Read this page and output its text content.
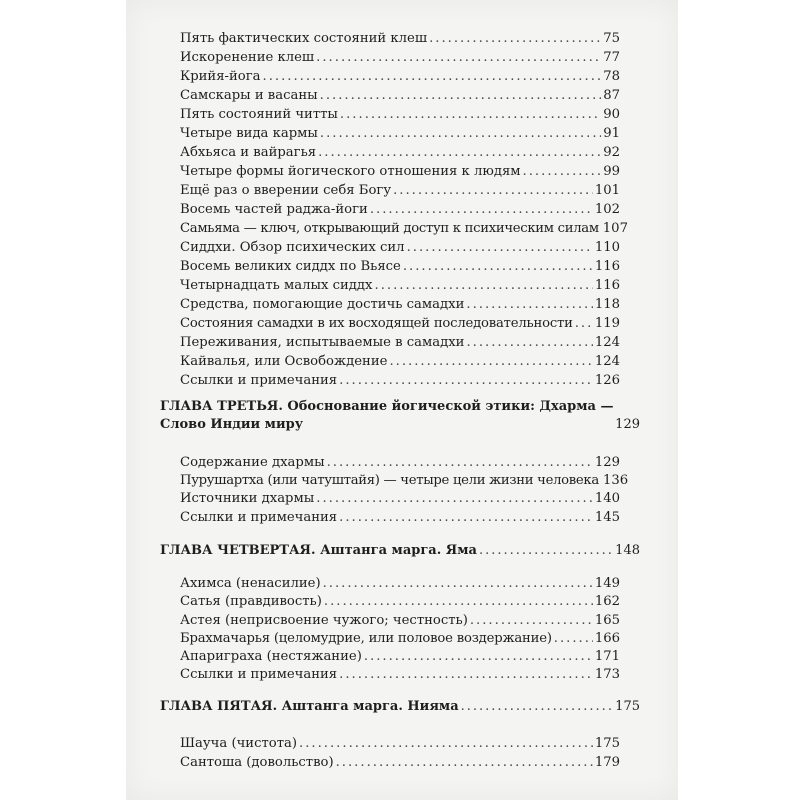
Пять фактических состояний клеш .....	75
Искоренение клеш .....	77
Крийя-йога .....	78
Самскары и васаны .....	87
Пять состояний читты .....	90
Четыре вида кармы .....	91
Абхьяса и вайрагья .....	92
Четыре формы йогического отношения к людям .....	99
Ещё раз о вверении себя Богу .....	101
Восемь частей раджа-йоги .....	102
Самьяма — ключ, открывающий доступ к психическим силам 107
Сиддхи. Обзор психических сил .....	110
Восемь великих сиддх по Вьясе .....	116
Четырнадцать малых сиддх .....	116
Средства, помогающие достичь самадхи .....	118
Состояния самадхи в их восходящей последовательности ..... 119
Переживания, испытываемые в самадхи .....	124
Кайвалья, или Освобождение .....	124
Ссылки и примечания .....	126
ГЛАВА ТРЕТЬЯ. Обоснование йогической этики: Дхарма —
Слово Индии миру	129
Содержание дхармы .....	129
Пурушартха (или чатуштайя) — четыре цели жизни человека 136
Источники дхармы .....	140
Ссылки и примечания .....	145
ГЛАВА ЧЕТВЕРТАЯ. Аштанга марга. Яма .....	148
Ахимса (ненасилие) .....	149
Сатья (правдивость) .....	162
Астея (неприсвоение чужого; честность) .....	165
Брахмачарья (целомудрие, или половое воздержание) .....	166
Апариграха (нестяжание) .....	171
Ссылки и примечания .....	173
ГЛАВА ПЯТАЯ. Аштанга марга. Нияма .....	175
Шауча (чистота) .....	175
Сантоша (довольство) .....	179
